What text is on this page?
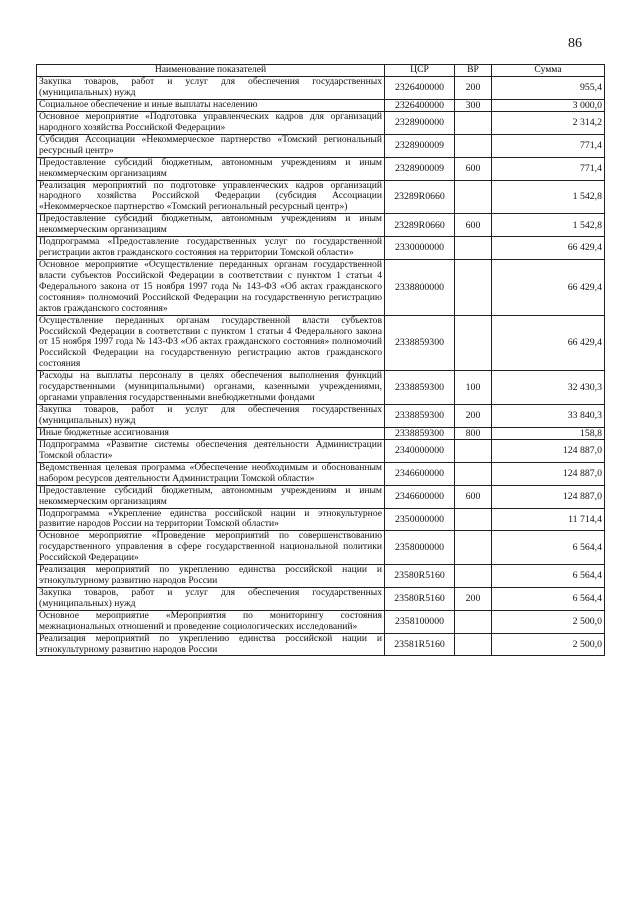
86
Наименование показателей	ЦСР	ВР	Сумма
Закупка товаров, работ и услуг для обеспечения государственных (муниципальных) нужд	2326400000	200	955,4
Социальное обеспечение и иные выплаты населению	2326400000	300	3 000,0
Основное мероприятие «Подготовка управленческих кадров для организаций народного хозяйства Российской Федерации»	2328900000		2 314,2
Субсидия Ассоциации «Некоммерческое партнерство «Томский региональный ресурсный центр»	2328900009		771,4
Предоставление субсидий бюджетным, автономным учреждениям и иным некоммерческим организациям	2328900009	600	771,4
Реализация мероприятий по подготовке управленческих кадров организаций народного хозяйства Российской Федерации (субсидия Ассоциации «Некоммерческое партнерство «Томский региональный ресурсный центр»)	23289R0660		1 542,8
Предоставление субсидий бюджетным, автономным учреждениям и иным некоммерческим организациям	23289R0660	600	1 542,8
Подпрограмма «Предоставление государственных услуг по государственной регистрации актов гражданского состояния на территории Томской области»	2330000000		66 429,4
Основное мероприятие «Осуществление переданных органам государственной власти субъектов Российской Федерации в соответствии с пунктом 1 статьи 4 Федерального закона от 15 ноября 1997 года № 143-ФЗ «Об актах гражданского состояния» полномочий Российской Федерации на государственную регистрацию актов гражданского состояния»	2338800000		66 429,4
Осуществление переданных органам государственной власти субъектов Российской Федерации в соответствии с пунктом 1 статьи 4 Федерального закона от 15 ноября 1997 года № 143-ФЗ «Об актах гражданского состояния» полномочий Российской Федерации на государственную регистрацию актов гражданского состояния	2338859300		66 429,4
Расходы на выплаты персоналу в целях обеспечения выполнения функций государственными (муниципальными) органами, казенными учреждениями, органами управления государственными внебюджетными фондами	2338859300	100	32 430,3
Закупка товаров, работ и услуг для обеспечения государственных (муниципальных) нужд	2338859300	200	33 840,3
Иные бюджетные ассигнования	2338859300	800	158,8
Подпрограмма «Развитие системы обеспечения деятельности Администрации Томской области»	2340000000		124 887,0
Ведомственная целевая программа «Обеспечение необходимым и обоснованным набором ресурсов деятельности Администрации Томской области»	2346600000		124 887,0
Предоставление субсидий бюджетным, автономным учреждениям и иным некоммерческим организациям	2346600000	600	124 887,0
Подпрограмма «Укрепление единства российской нации и этнокультурное развитие народов России на территории Томской области»	2350000000		11 714,4
Основное мероприятие «Проведение мероприятий по совершенствованию государственного управления в сфере государственной национальной политики Российской Федерации»	2358000000		6 564,4
Реализация мероприятий по укреплению единства российской нации и этнокультурному развитию народов России	23580R5160		6 564,4
Закупка товаров, работ и услуг для обеспечения государственных (муниципальных) нужд	23580R5160	200	6 564,4
Основное мероприятие «Мероприятия по мониторингу состояния межнациональных отношений и проведение социологических исследований»	2358100000		2 500,0
Реализация мероприятий по укреплению единства российской нации и этнокультурному развитию народов России	23581R5160		2 500,0
